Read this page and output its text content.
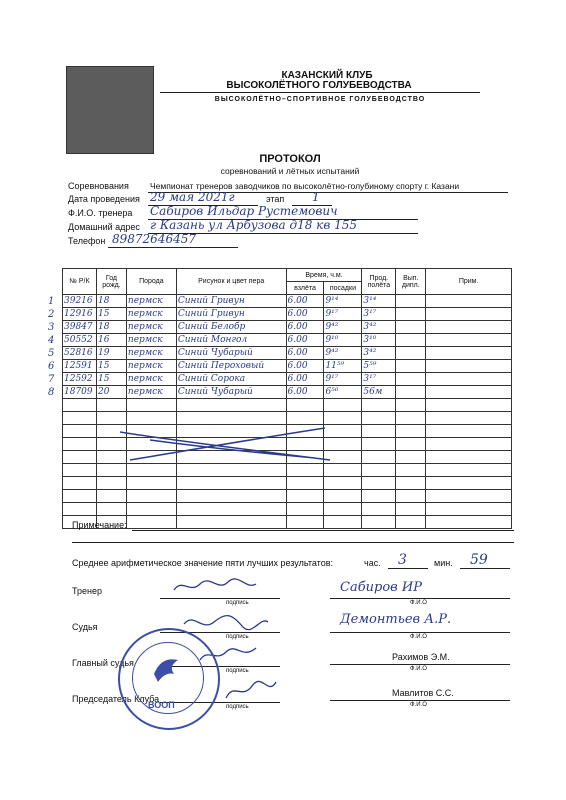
КАЗАНСКИЙ КЛУБ
ВЫСОКОЛЁТНОГО ГОЛУБЕВОДСТВА
ВЫСОКОЛЁТНО–СПОРТИВНОЕ ГОЛУБЕВОДСТВО
ПРОТОКОЛ
соревнований и лётных испытаний
Соревнования Чемпионат тренеров заводчиков по высоколётно-голубиному спорту г. Казани
Дата проведения 29 мая 2021г	этап 1
Ф.И.О. тренера Сабиров Ильдар Рустемович
Домашний адрес г Казань ул Арбузова д18 кв 155
Телефон 89872646457
№ Р/К	Год рожд.	Порода	Рисунок и цвет пера	Время, ч.м.		Прод. полёта	Вып. дипл.	Прим.
				взлёта	посадки			
39216	18	пермск	Синий Гривун	6.00	9¹⁴	3¹⁴		
12916	15	пермск	Синий Гривун	6.00	9¹⁷	3¹⁷		
39847	18	пермск	Синий Белобр	6.00	9⁴²	3⁴²		
50552	16	пермск	Синий Монгол	6.00	9¹⁰	3¹⁰		
52816	19	пермск	Синий Чубарый	6.00	9⁴²	3⁴²		
12591	15	пермск	Синий Пероховый	6.00	11⁵⁹	5⁵⁹		
12592	15	пермск	Синий Сорока	6.00	9¹⁷	3¹⁷		
18709	20	пермск	Синий Чубарый	6.00	6⁵⁶	56м		

1
2
3
4
5
6
7
8
Примечание:
Среднее арифметическое значение пяти лучших результатов:	час. 3	мин. 59
Тренер
подпись
Сабиров ИР
Ф.И.О
Судья
подпись
Демонтьев А.Р.
Ф.И.О
Главный судья
подпись
Рахимов Э.М.
Ф.И.О
Председатель Клуба
подпись
Мавлитов С.С.
Ф.И.О
ВООП
